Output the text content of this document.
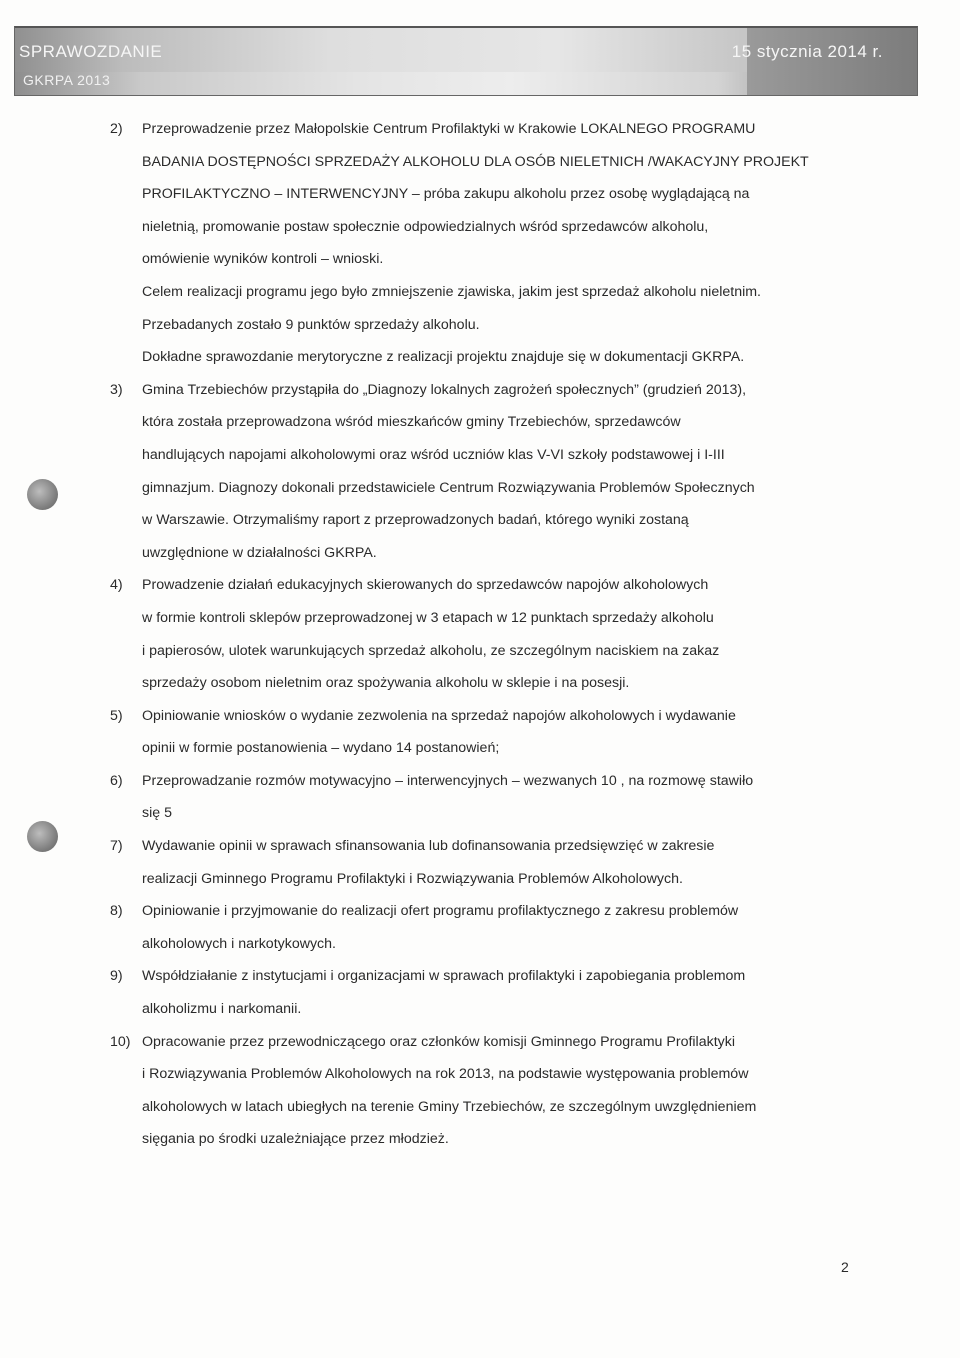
SPRAWOZDANIE
GKRPA 2013
15 stycznia 2014 r.
2)	Przeprowadzenie przez Małopolskie Centrum Profilaktyki w Krakowie LOKALNEGO PROGRAMU
BADANIA DOSTĘPNOŚCI SPRZEDAŻY ALKOHOLU DLA OSÓB NIELETNICH /WAKACYJNY PROJEKT
PROFILAKTYCZNO – INTERWENCYJNY – próba zakupu alkoholu przez osobę wyglądającą na
nieletnią, promowanie postaw społecznie odpowiedzialnych wśród sprzedawców alkoholu,
omówienie wyników kontroli – wnioski.
Celem realizacji programu jego było zmniejszenie zjawiska, jakim jest sprzedaż alkoholu nieletnim.
Przebadanych zostało 9 punktów sprzedaży alkoholu.
Dokładne sprawozdanie merytoryczne z realizacji projektu znajduje się w dokumentacji GKRPA.
3)	Gmina Trzebiechów przystąpiła do „Diagnozy lokalnych zagrożeń społecznych” (grudzień 2013),
która została przeprowadzona wśród mieszkańców gminy Trzebiechów, sprzedawców
handlujących napojami alkoholowymi oraz wśród uczniów klas V-VI szkoły podstawowej i I-III
gimnazjum. Diagnozy dokonali przedstawiciele Centrum Rozwiązywania Problemów Społecznych
w Warszawie. Otrzymaliśmy raport z przeprowadzonych badań, którego wyniki zostaną
uwzględnione w działalności GKRPA.
4)	Prowadzenie działań edukacyjnych skierowanych do sprzedawców napojów alkoholowych
w formie kontroli sklepów przeprowadzonej w 3 etapach w 12 punktach sprzedaży alkoholu
i papierosów, ulotek warunkujących sprzedaż alkoholu, ze szczególnym naciskiem na zakaz
sprzedaży osobom nieletnim oraz spożywania alkoholu w sklepie i na posesji.
5)	Opiniowanie wniosków o wydanie zezwolenia na sprzedaż napojów alkoholowych i wydawanie
opinii w formie postanowienia – wydano 14 postanowień;
6)	Przeprowadzanie rozmów motywacyjno – interwencyjnych – wezwanych 10 , na rozmowę stawiło
się 5
7)	Wydawanie opinii w sprawach sfinansowania lub dofinansowania przedsięwzięć w zakresie
realizacji Gminnego Programu Profilaktyki i Rozwiązywania Problemów Alkoholowych.
8)	Opiniowanie i przyjmowanie do realizacji ofert programu profilaktycznego z zakresu problemów
alkoholowych i narkotykowych.
9)	Współdziałanie z instytucjami i organizacjami w sprawach profilaktyki i zapobiegania problemom
alkoholizmu i narkomanii.
10) Opracowanie przez przewodniczącego oraz członków komisji Gminnego Programu Profilaktyki
i Rozwiązywania Problemów Alkoholowych na rok 2013, na podstawie występowania problemów
alkoholowych w latach ubiegłych na terenie Gminy Trzebiechów, ze szczególnym uwzględnieniem
sięgania po środki uzależniające przez młodzież.
2
